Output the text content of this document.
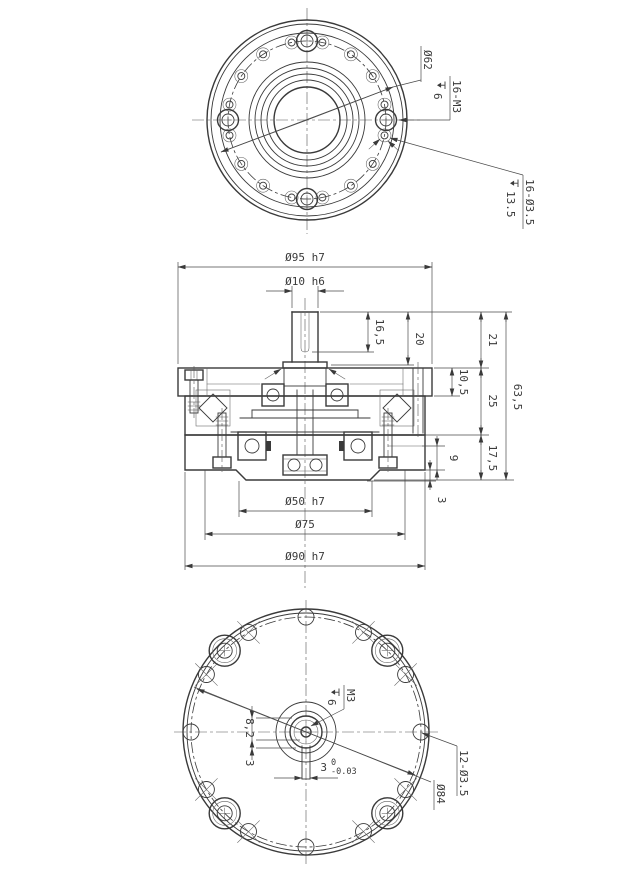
Ø62
16-M3
6
16-Ø3.5
13.5
Ø95 h7
Ø10 h6
16,5 20	21
10,5
25
17,5
63,5
9
3
Ø50 h7
Ø75
Ø90 h7
M3
6
8,2
3	3 0
-0.03
Ø84 12-Ø3.5
